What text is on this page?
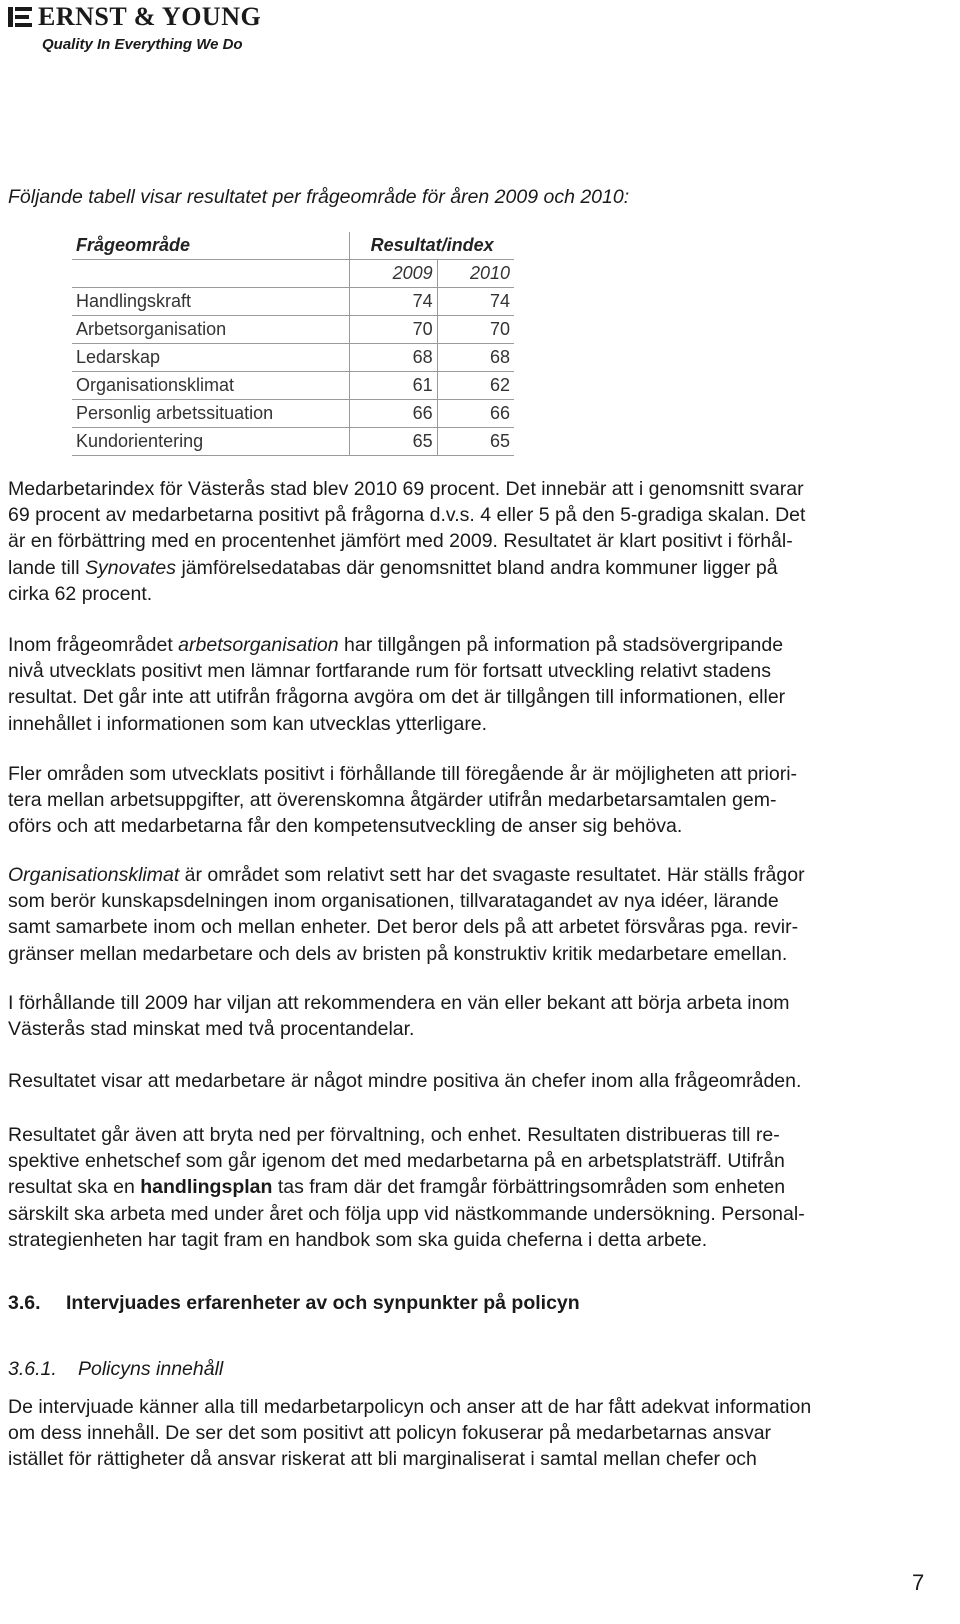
ERNST & YOUNG
Quality In Everything We Do
Följande tabell visar resultatet per frågeområde för åren 2009 och 2010:
Frågeområde	Resultat/index	
	2009	2010
Handlingskraft	74	74
Arbetsorganisation	70	70
Ledarskap	68	68
Organisationsklimat	61	62
Personlig arbetssituation	66	66
Kundorientering	65	65
Medarbetarindex för Västerås stad blev 2010 69 procent. Det innebär att i genomsnitt svarar
69 procent av medarbetarna positivt på frågorna d.v.s. 4 eller 5 på den 5-gradiga skalan. Det
är en förbättring med en procentenhet jämfört med 2009. Resultatet är klart positivt i förhål-
lande till Synovates jämförelsedatabas där genomsnittet bland andra kommuner ligger på
cirka 62 procent.
Inom frågeområdet arbetsorganisation har tillgången på information på stadsövergripande
nivå utvecklats positivt men lämnar fortfarande rum för fortsatt utveckling relativt stadens
resultat. Det går inte att utifrån frågorna avgöra om det är tillgången till informationen, eller
innehållet i informationen som kan utvecklas ytterligare.
Fler områden som utvecklats positivt i förhållande till föregående år är möjligheten att priori-
tera mellan arbetsuppgifter, att överenskomna åtgärder utifrån medarbetarsamtalen gem-
oförs och att medarbetarna får den kompetensutveckling de anser sig behöva.
Organisationsklimat är området som relativt sett har det svagaste resultatet. Här ställs frågor
som berör kunskapsdelningen inom organisationen, tillvaratagandet av nya idéer, lärande
samt samarbete inom och mellan enheter. Det beror dels på att arbetet försvåras pga. revir-
gränser mellan medarbetare och dels av bristen på konstruktiv kritik medarbetare emellan.
I förhållande till 2009 har viljan att rekommendera en vän eller bekant att börja arbeta inom
Västerås stad minskat med två procentandelar.
Resultatet visar att medarbetare är något mindre positiva än chefer inom alla frågeområden.
Resultatet går även att bryta ned per förvaltning, och enhet. Resultaten distribueras till re-
spektive enhetschef som går igenom det med medarbetarna på en arbetsplatsträff. Utifrån
resultat ska en handlingsplan tas fram där det framgår förbättringsområden som enheten
särskilt ska arbeta med under året och följa upp vid nästkommande undersökning. Personal-
strategienheten har tagit fram en handbok som ska guida cheferna i detta arbete.
3.6. Intervjuades erfarenheter av och synpunkter på policyn
3.6.1. Policyns innehåll
De intervjuade känner alla till medarbetarpolicyn och anser att de har fått adekvat information
om dess innehåll. De ser det som positivt att policyn fokuserar på medarbetarnas ansvar
istället för rättigheter då ansvar riskerat att bli marginaliserat i samtal mellan chefer och
7
